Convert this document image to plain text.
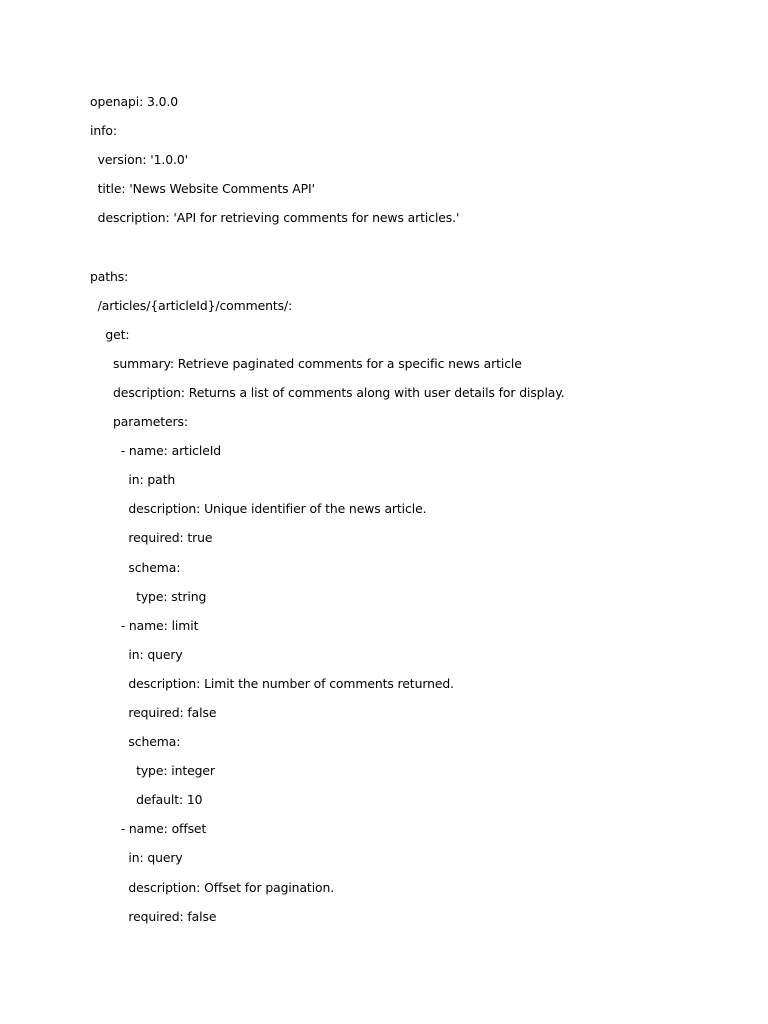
openapi: 3.0.0
info:
version: '1.0.0'
title: 'News Website Comments API'
description: 'API for retrieving comments for news articles.'
paths:
/articles/{articleId}/comments/:
get:
summary: Retrieve paginated comments for a specific news article
description: Returns a list of comments along with user details for display.
parameters:
- name: articleId
in: path
description: Unique identifier of the news article.
required: true
schema:
type: string
- name: limit
in: query
description: Limit the number of comments returned.
required: false
schema:
type: integer
default: 10
- name: offset
in: query
description: Offset for pagination.
required: false
